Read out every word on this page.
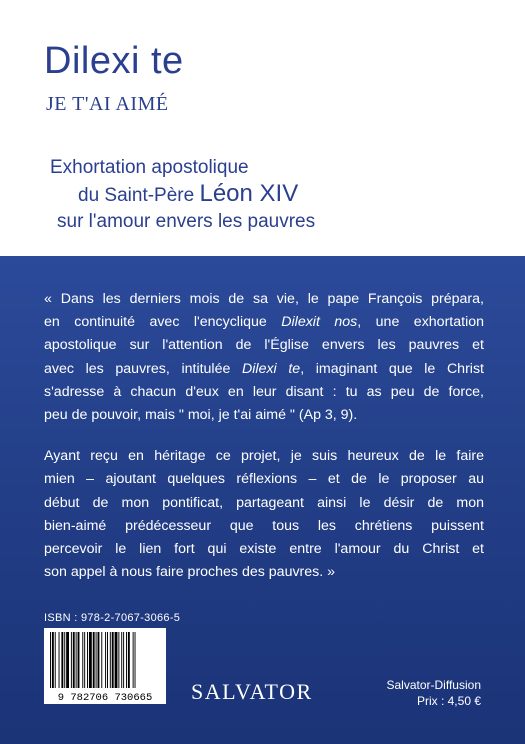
Dilexi te
JE T'AI AIMÉ
Exhortation apostolique
du Saint-Père Léon XIV
sur l'amour envers les pauvres

« Dans les derniers mois de sa vie, le pape François prépara,
en continuité avec l'encyclique Dilexit nos, une exhortation
apostolique sur l'attention de l'Église envers les pauvres et
avec les pauvres, intitulée Dilexi te, imaginant que le Christ
s'adresse à chacun d'eux en leur disant : tu as peu de force,
peu de pouvoir, mais " moi, je t'ai aimé " (Ap 3, 9).

Ayant reçu en héritage ce projet, je suis heureux de le faire
mien – ajoutant quelques réflexions – et de le proposer au
début de mon pontificat, partageant ainsi le désir de mon
bien-aimé prédécesseur que tous les chrétiens puissent
percevoir le lien fort qui existe entre l'amour du Christ et
son appel à nous faire proches des pauvres. »

ISBN : 978-2-7067-3066-5
9 782706 730665 SALVATOR	Salvator-Diffusion
Prix : 4,50 €
